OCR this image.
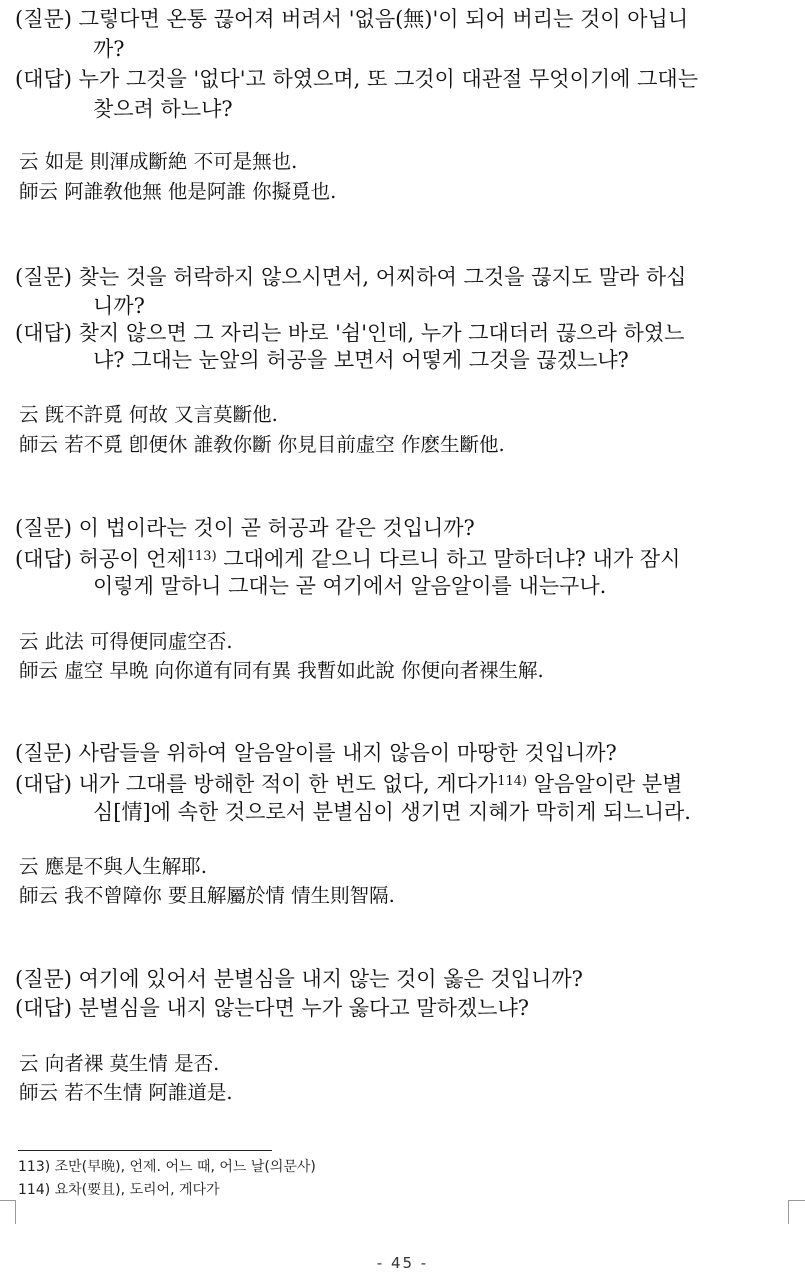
(질문) 그렇다면 온통 끊어져 버려서 '없음(無)'이 되어 버리는 것이 아닙니
까?
(대답) 누가 그것을 '없다'고 하였으며, 또 그것이 대관절 무엇이기에 그대는
찾으려 하느냐?
云 如是 則渾成斷絶 不可是無也.
師云 阿誰敎他無 他是阿誰 你擬覓也.
(질문) 찾는 것을 허락하지 않으시면서, 어찌하여 그것을 끊지도 말라 하십
니까?
(대답) 찾지 않으면 그 자리는 바로 '쉼'인데, 누가 그대더러 끊으라 하였느
냐? 그대는 눈앞의 허공을 보면서 어떻게 그것을 끊겠느냐?
云 旣不許覓 何故 又言莫斷他.
師云 若不覓 卽便休 誰敎你斷 你見目前虛空 作麽生斷他.
(질문) 이 법이라는 것이 곧 허공과 같은 것입니까?
(대답) 허공이 언제$^{113)}$ 그대에게 같으니 다르니 하고 말하더냐? 내가 잠시
이렇게 말하니 그대는 곧 여기에서 알음알이를 내는구나.
云 此法 可得便同虛空否.
師云 虛空 早晩 向你道有同有異 我暫如此說 你便向者裸生解.
(질문) 사람들을 위하여 알음알이를 내지 않음이 마땅한 것입니까?
(대답) 내가 그대를 방해한 적이 한 번도 없다, 게다가$^{114)}$ 알음알이란 분별
심[情]에 속한 것으로서 분별심이 생기면 지혜가 막히게 되느니라.
云 應是不與人生解耶.
師云 我不曾障你 要且解屬於情 情生則智隔.
(질문) 여기에 있어서 분별심을 내지 않는 것이 옳은 것입니까?
(대답) 분별심을 내지 않는다면 누가 옳다고 말하겠느냐?
云 向者裸 莫生情 是否.
師云 若不生情 阿誰道是.
113) 조만(早晩), 언제. 어느 때, 어느 날(의문사)
114) 요차(要且), 도리어, 게다가
- 45 -
